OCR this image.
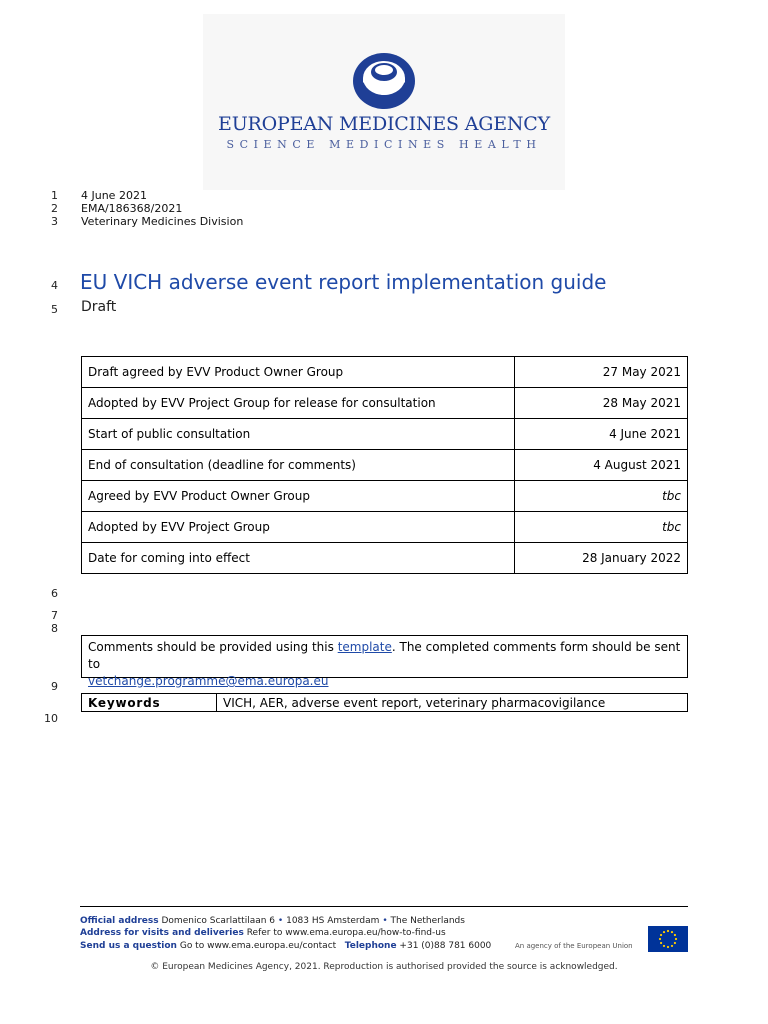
EUROPEAN MEDICINES AGENCY
SCIENCE MEDICINES HEALTH
1
2
3
4
5
6
7
8
9
10
4 June 2021
EMA/186368/2021
Veterinary Medicines Division
EU VICH adverse event report implementation guide
Draft
Draft agreed by EVV Product Owner Group	27 May 2021
Adopted by EVV Project Group for release for consultation	28 May 2021
Start of public consultation	4 June 2021
End of consultation (deadline for comments)	4 August 2021
Agreed by EVV Product Owner Group	tbc
Adopted by EVV Project Group	tbc
Date for coming into effect	28 January 2022
Comments should be provided using this template. The completed comments form should be sent to
vetchange.programme@ema.europa.eu
Keywords	VICH, AER, adverse event report, veterinary pharmacovigilance
Official address Domenico Scarlattilaan 6 • 1083 HS Amsterdam • The Netherlands
Address for visits and deliveries Refer to www.ema.europa.eu/how-to-find-us
Send us a question Go to www.ema.europa.eu/contact Telephone +31 (0)88 781 6000	An agency of the European Union
© European Medicines Agency, 2021. Reproduction is authorised provided the source is acknowledged.
